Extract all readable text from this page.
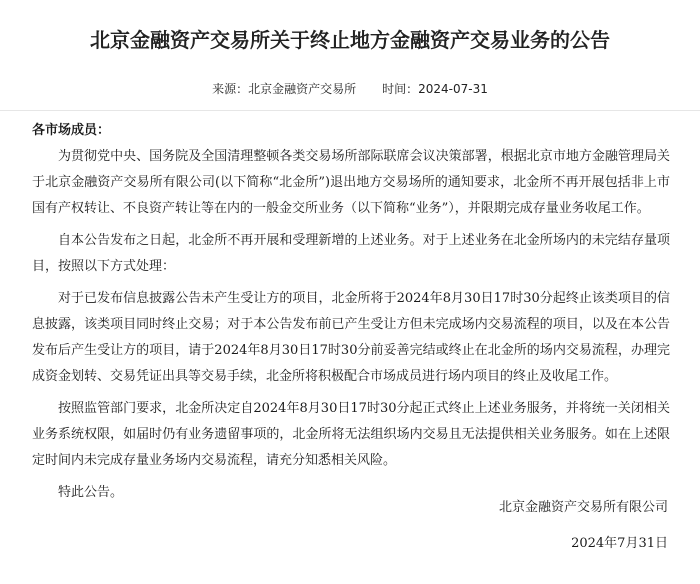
北京金融资产交易所关于终止地方金融资产交易业务的公告
来源：北京金融资产交易所 时间：2024-07-31

各市场成员：

为贯彻党中央、国务院及全国清理整顿各类交易场所部际联席会议决策部署，根据北京市地方金融管理局关于北京金融资产交易所有限公司(以下简称“北金所”)退出地方交易场所的通知要求，北金所不再开展包括非上市国有产权转让、不良资产转让等在内的一般金交所业务（以下简称“业务”），并限期完成存量业务收尾工作。

自本公告发布之日起，北金所不再开展和受理新增的上述业务。对于上述业务在北金所场内的未完结存量项目，按照以下方式处理：

对于已发布信息披露公告未产生受让方的项目，北金所将于2024年8月30日17时30分起终止该类项目的信息披露，该类项目同时终止交易；对于本公告发布前已产生受让方但未完成场内交易流程的项目，以及在本公告发布后产生受让方的项目，请于2024年8月30日17时30分前妥善完结或终止在北金所的场内交易流程，办理完成资金划转、交易凭证出具等交易手续，北金所将积极配合市场成员进行场内项目的终止及收尾工作。

按照监管部门要求，北金所决定自2024年8月30日17时30分起正式终止上述业务服务，并将统一关闭相关业务系统权限，如届时仍有业务遗留事项的，北金所将无法组织场内交易且无法提供相关业务服务。如在上述限定时间内未完成存量业务场内交易流程，请充分知悉相关风险。

特此公告。

北京金融资产交易所有限公司
2024年7月31日
